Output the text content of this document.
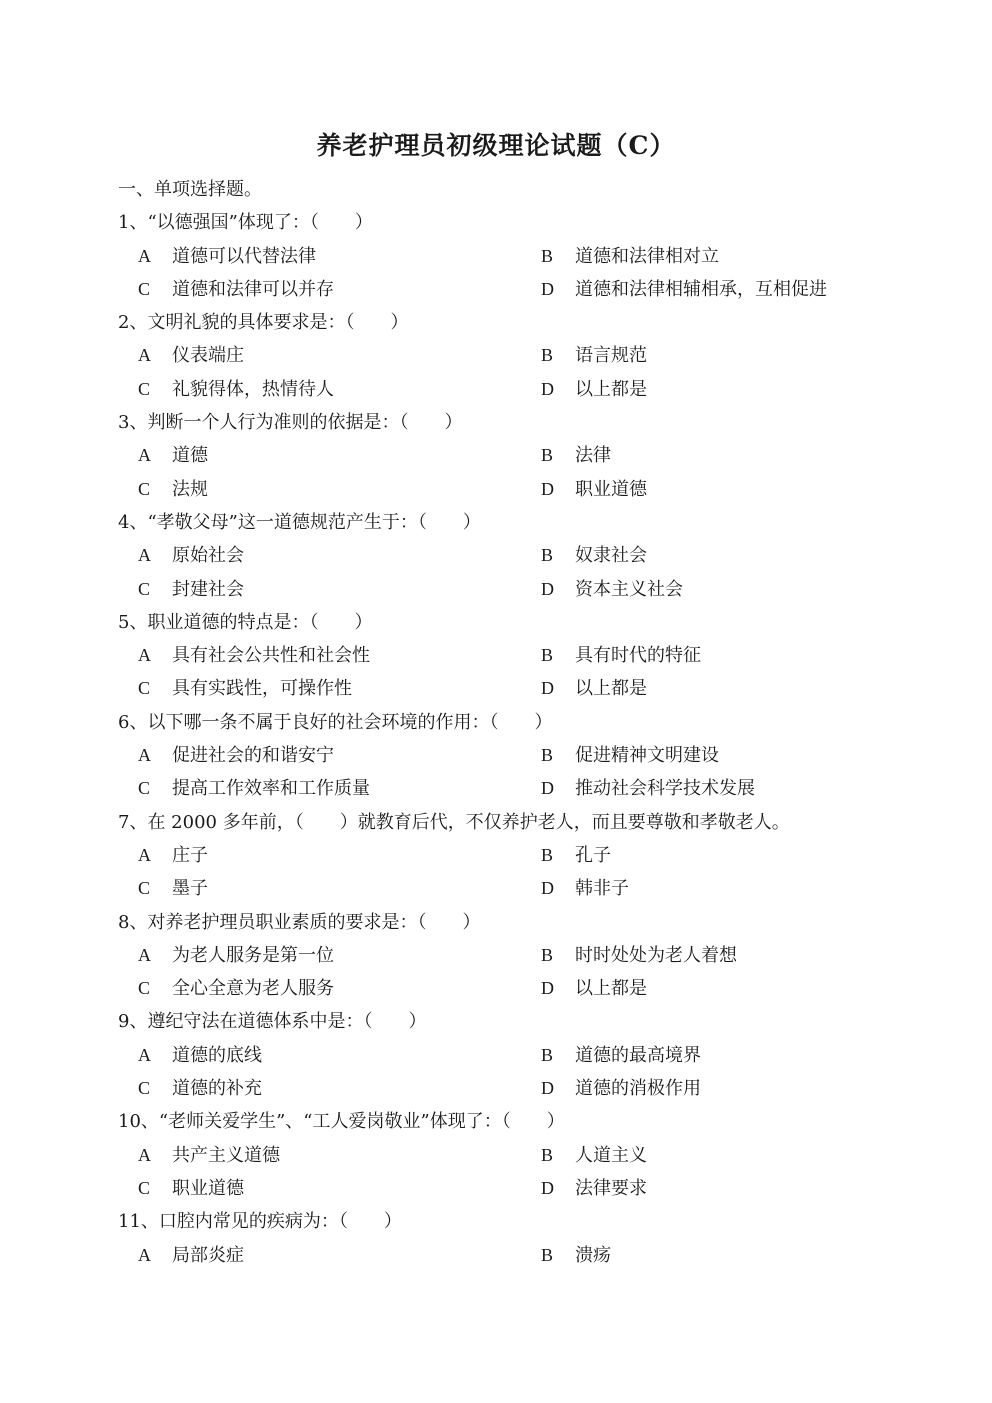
养老护理员初级理论试题（C）
一、单项选择题。
1、“以德强国”体现了：（　　）
A 道德可以代替法律	B 道德和法律相对立
C 道德和法律可以并存	D 道德和法律相辅相承，互相促进
2、文明礼貌的具体要求是：（　　）
A 仪表端庄	B 语言规范
C 礼貌得体，热情待人	D 以上都是
3、判断一个人行为准则的依据是：（　　）
A 道德	B 法律
C 法规	D 职业道德
4、“孝敬父母”这一道德规范产生于：（　　）
A 原始社会	B 奴隶社会
C 封建社会	D 资本主义社会
5、职业道德的特点是：（　　）
A 具有社会公共性和社会性	B 具有时代的特征
C 具有实践性，可操作性	D 以上都是
6、以下哪一条不属于良好的社会环境的作用：（　　）
A 促进社会的和谐安宁	B 促进精神文明建设
C 提高工作效率和工作质量	D 推动社会科学技术发展
7、在 2000 多年前，（　　）就教育后代，不仅养护老人，而且要尊敬和孝敬老人。
A 庄子	B 孔子
C 墨子	D 韩非子
8、对养老护理员职业素质的要求是：（　　）
A 为老人服务是第一位	B 时时处处为老人着想
C 全心全意为老人服务	D 以上都是
9、遵纪守法在道德体系中是：（　　）
A 道德的底线	B 道德的最高境界
C 道德的补充	D 道德的消极作用
10、“老师关爱学生”、“工人爱岗敬业”体现了：（　　）
A 共产主义道德	B 人道主义
C 职业道德	D 法律要求
11、口腔内常见的疾病为：（　　）
A 局部炎症	B 溃疡
